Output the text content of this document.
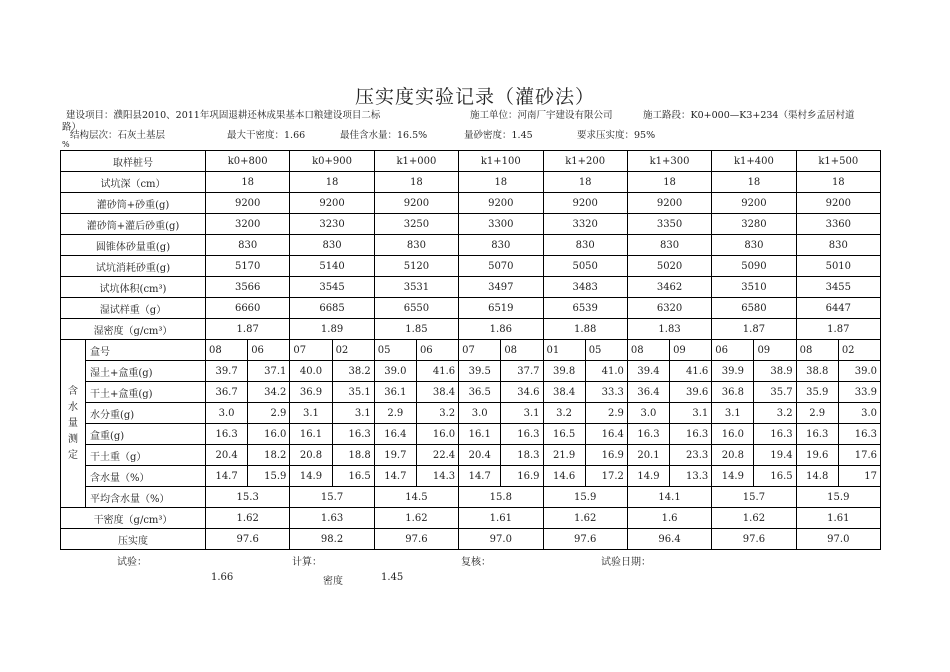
压实度实验记录（灌砂法）
建设项目：濮阳县2010、2011年巩固退耕还林成果基本口粮建设项目二标	施工单位：河南厂宇建设有限公司	施工路段：K0+000—K3+234（渠村乡孟居村道
路）
结构层次：石灰土基层	最大干密度：1.66	最佳含水量：16.5%	量砂密度：1.45	要求压实度：95%
%
取样桩号		k0+800		k0+900		k1+000		k1+100		k1+200		k1+300		k1+400		k1+500	
试坑深（cm）		18		18		18		18		18		18		18		18	
灌砂筒+砂重(g)		9200		9200		9200		9200		9200		9200		9200		9200	
灌砂筒+灌后砂重(g)		3200		3230		3250		3300		3320		3350		3280		3360	
圆锥体砂量重(g)		830		830		830		830		830		830		830		830	
试坑消耗砂重(g)		5170		5140		5120		5070		5050		5020		5090		5010	
试坑体积(cm³)		3566		3545		3531		3497		3483		3462		3510		3455	
湿试样重（g）		6660		6685		6550		6519		6539		6320		6580		6447	
湿密度（g/cm³）		1.87		1.89		1.85		1.86		1.88		1.83		1.87		1.87	
含
水
量
测
定	盒号	08	06	07	02	05	06	07	08	01	05	08	09	06	09	08	02
	湿土+盒重(g)	39.7	37.1	40.0	38.2	39.0	41.6	39.5	37.7	39.8	41.0	39.4	41.6	39.9	38.9	38.8	39.0
	干土+盒重(g)	36.7	34.2	36.9	35.1	36.1	38.4	36.5	34.6	38.4	33.3	36.4	39.6	36.8	35.7	35.9	33.9
	水分重(g)	3.0	2.9	3.1	3.1	2.9	3.2	3.0	3.1	3.2	2.9	3.0	3.1	3.1	3.2	2.9	3.0
	盒重(g)	16.3	16.0	16.1	16.3	16.4	16.0	16.1	16.3	16.5	16.4	16.3	16.3	16.0	16.3	16.3	16.3
	干土重（g）	20.4	18.2	20.8	18.8	19.7	22.4	20.4	18.3	21.9	16.9	20.1	23.3	20.8	19.4	19.6	17.6
	含水量（%）	14.7	15.9	14.9	16.5	14.7	14.3	14.7	16.9	14.6	17.2	14.9	13.3	14.9	16.5	14.8	17
	平均含水量（%）	15.3		15.7		14.5		15.8		15.9		14.1		15.7		15.9	
干密度（g/cm³）		1.62		1.63		1.62		1.61		1.62		1.6		1.62		1.61	
压实度		97.6		98.2		97.6		97.0		97.6		96.4		97.6		97.0	
试验：	计算：	复核：	试验日期：
1.66	密度	1.45
